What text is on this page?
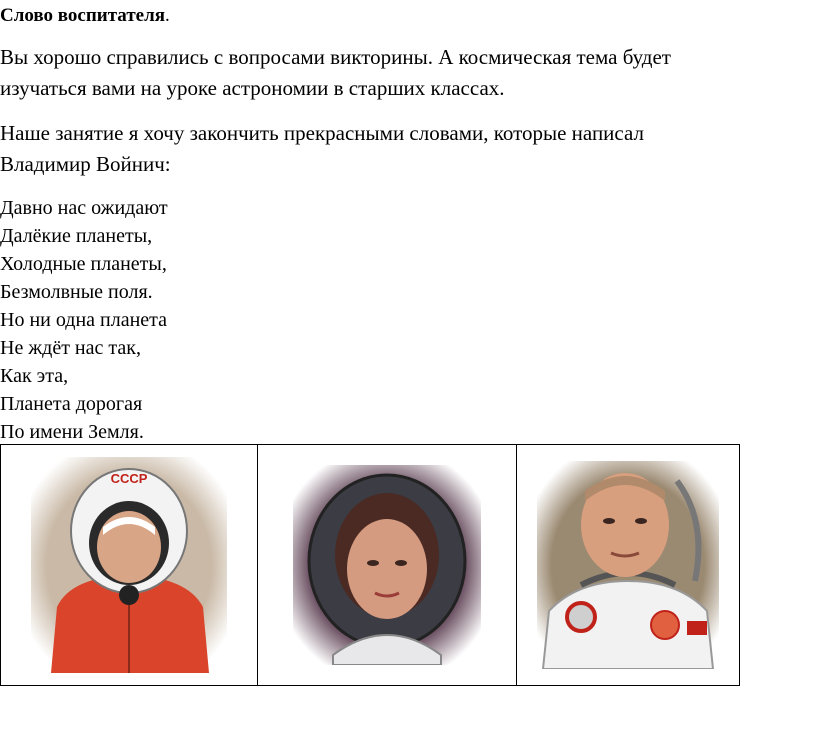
Слово воспитателя.
Вы хорошо справились с вопросами викторины. А космическая тема будет
изучаться вами на уроке астрономии в старших классах.
Наше занятие я хочу закончить прекрасными словами, которые написал
Владимир Войнич:
Давно нас ожидают
Далёкие планеты,
Холодные планеты,
Безмолвные поля.
Но ни одна планета
Не ждёт нас так,
Как эта,
Планета дорогая
По имени Земля.
СССР
